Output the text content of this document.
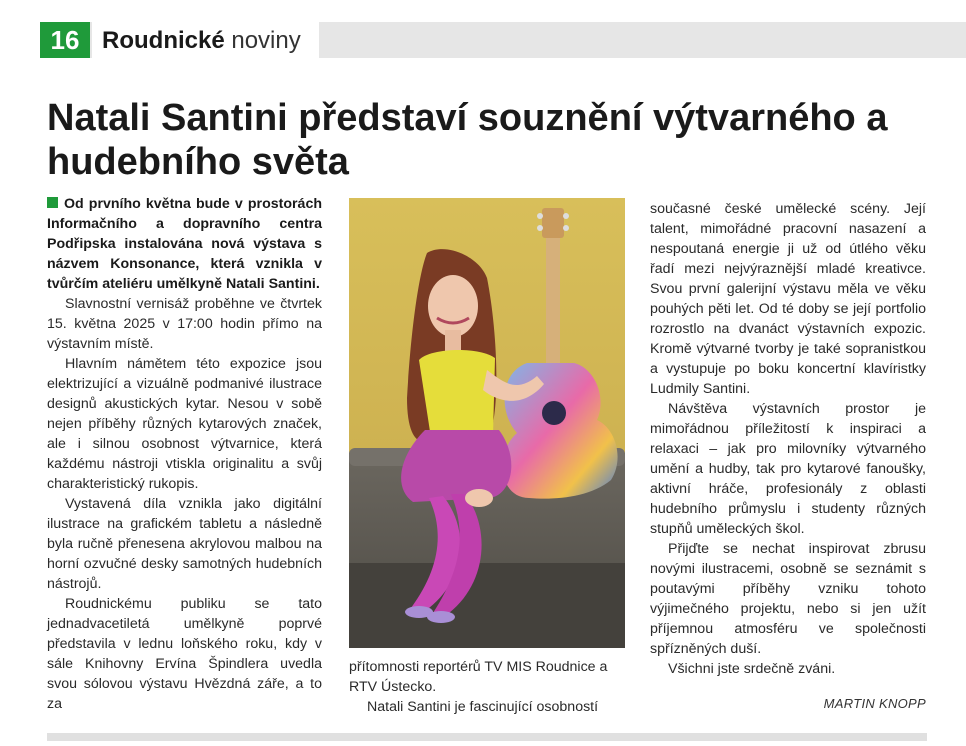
16 Roudnické noviny
Natali Santini představí souznění výtvarného a hudebního světa

Od prvního května bude v prostorách Informačního a dopravního centra Podřipska instalována nová výstava s názvem Konsonance, která vznikla v tvůrčím ateliéru umělkyně Natali Santini.

Slavnostní vernisáž proběhne ve čtvrtek 15. května 2025 v 17:00 hodin přímo na výstavním místě.

Hlavním námětem této expozice jsou elektrizující a vizuálně podmanivé ilustrace designů akustických kytar. Nesou v sobě nejen příběhy různých kytarových značek, ale i silnou osobnost výtvarnice, která každému nástroji vtiskla originalitu a svůj charakteristický rukopis.

Vystavená díla vznikla jako digitální ilustrace na grafickém tabletu a následně byla ručně přenesena akrylovou malbou na horní ozvučné desky samotných hudebních nástrojů.

Roudnickému publiku se tato jednadvacetiletá umělkyně poprvé představila v lednu loňského roku, kdy v sále Knihovny Ervína Špindlera uvedla svou sólovou výstavu Hvězdná záře, a to za

přítomnosti reportérů TV MIS Roudnice a RTV Ústecko.

Natali Santini je fascinující osobností

současné české umělecké scény. Její talent, mimořádné pracovní nasazení a nespoutaná energie ji už od útlého věku řadí mezi nejvýraznější mladé kreativce. Svou první galerijní výstavu měla ve věku pouhých pěti let. Od té doby se její portfolio rozrostlo na dvanáct výstavních expozic. Kromě výtvarné tvorby je také sopranistkou a vystupuje po boku koncertní klavíristky Ludmily Santini.

Návštěva výstavních prostor je mimořádnou příležitostí k inspiraci a relaxaci – jak pro milovníky výtvarného umění a hudby, tak pro kytarové fanoušky, aktivní hráče, profesionály z oblasti hudebního průmyslu i studenty různých stupňů uměleckých škol.

Přijďte se nechat inspirovat zbrusu novými ilustracemi, osobně se seznámit s poutavými příběhy vzniku tohoto výjimečného projektu, nebo si jen užít příjemnou atmosféru ve společnosti spřízněných duší.

Všichni jste srdečně zváni.

MARTIN KNOPP
